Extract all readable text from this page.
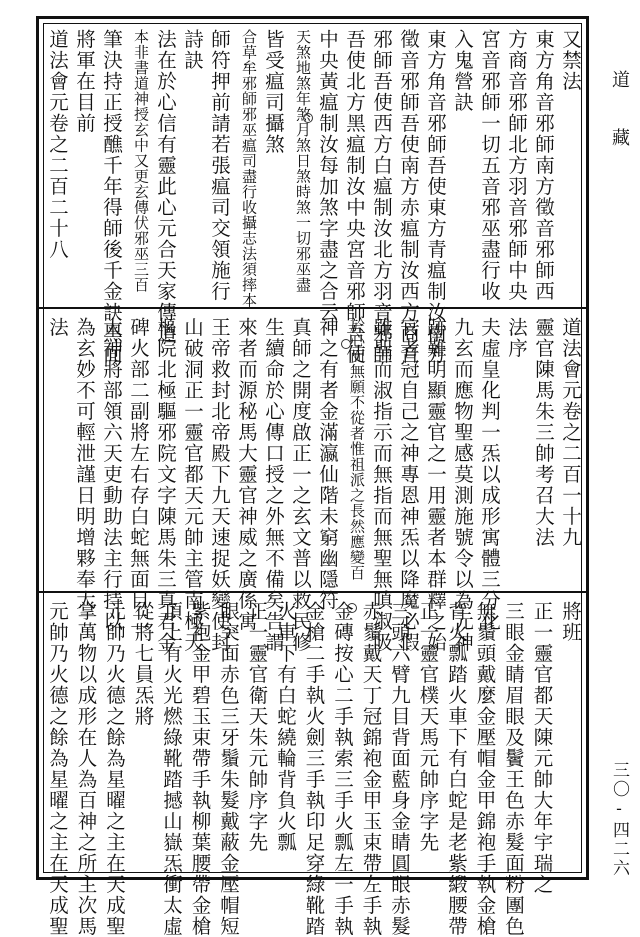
又禁法
東方角音邪師南方徵音邪師西
方商音邪師北方羽音邪師中央
宮音邪師一切五音邪巫盡行收
入鬼營訣
東方角音邪師吾使東方青瘟制汝南方
徵音邪師吾使南方赤瘟制汝西方商音
邪師吾使西方白瘟制汝北方羽音邪師
吾使北方黑瘟制汝中央宮音邪師吾使
中央黃瘟制汝每加煞字盡之合云
天煞地煞年煞月煞日煞時煞一切邪巫盡
皆受瘟司攝煞
合草牟邪師邪巫瘟司盡行收攝志法須摔本
師符押前請若張瘟司交領施行
詩訣
法在於心信有靈此心元合天家傳道
本非書道神授玄中又更玄傳伏邪巫三百
筆決持正授醮千年得師後千金訣黑面
將軍在目前
道法會元卷之二百二十八
道法會元卷之二百一十九
靈官陳馬朱三帥考召大法
法序
夫虛皇化判一炁以成形寓體三分化
九玄而應物聖感莫測施號令以為元神
跡難明顯靈官之一用靈者本群釋之始
官者冠自己之神專恩神炁以降魔必假
雖聖而淑指示而無指而無聖無嗔淑吸
於心而無願不從者惟祖派之長然應變百
神之有者金滿瀛仙階未窮幽隱符
真師之開度啟正一之玄文普以救民修
生續命於心傳口授之外無不備矣告謂
來者而源秘馬大靈官神威之廣係寓
王帝救封北帝殿下九天速捉妖變使封
山破洞正一靈官都天元帥主管南極天
樞院北極驅邪院文字陳馬朱三真君金
碑火部二副將左右存白蛇無面目二
大神將部領六天吏動助法主行持以
為玄妙不可輕泄謹日明增夥奉大
法
將班
正一靈官都天陳元帥大年宇瑞之
三眼金睛眉眼及鬢王色赤髮面粉團色
無鬚頭戴麼金壓帽金甲錦袍手執金槍
背火瓢踏火車下有白蛇是老紫緞腰帶
正一靈官樸天馬元帥序字先
三頭六臂九目背面藍身金睛圓眼赤髮
赤鬚戴天丁冠錦袍金甲玉束帶左手執
金磚按心二手執索三手火瓢左一手執
金槍二手執火劍三手執印足穿綠靴踏
火車下有白蛇繞輪背負火瓢
正一靈官衛天朱元帥序字先
眼突面赤色三牙鬚朱髮戴蔽金壓帽短
紫袍金甲碧玉束帶手執柳葉腰帶金槍
頂上有火光燃綠靴踏撼山嶽炁衝太虛
從將七員炁將
元帥乃火德之餘為星曜之主在天成聖
掌萬物以成形在人為百神之所主次馬
元帥乃火德之餘為星曜之主在天成聖
道藏
三〇-四二六
